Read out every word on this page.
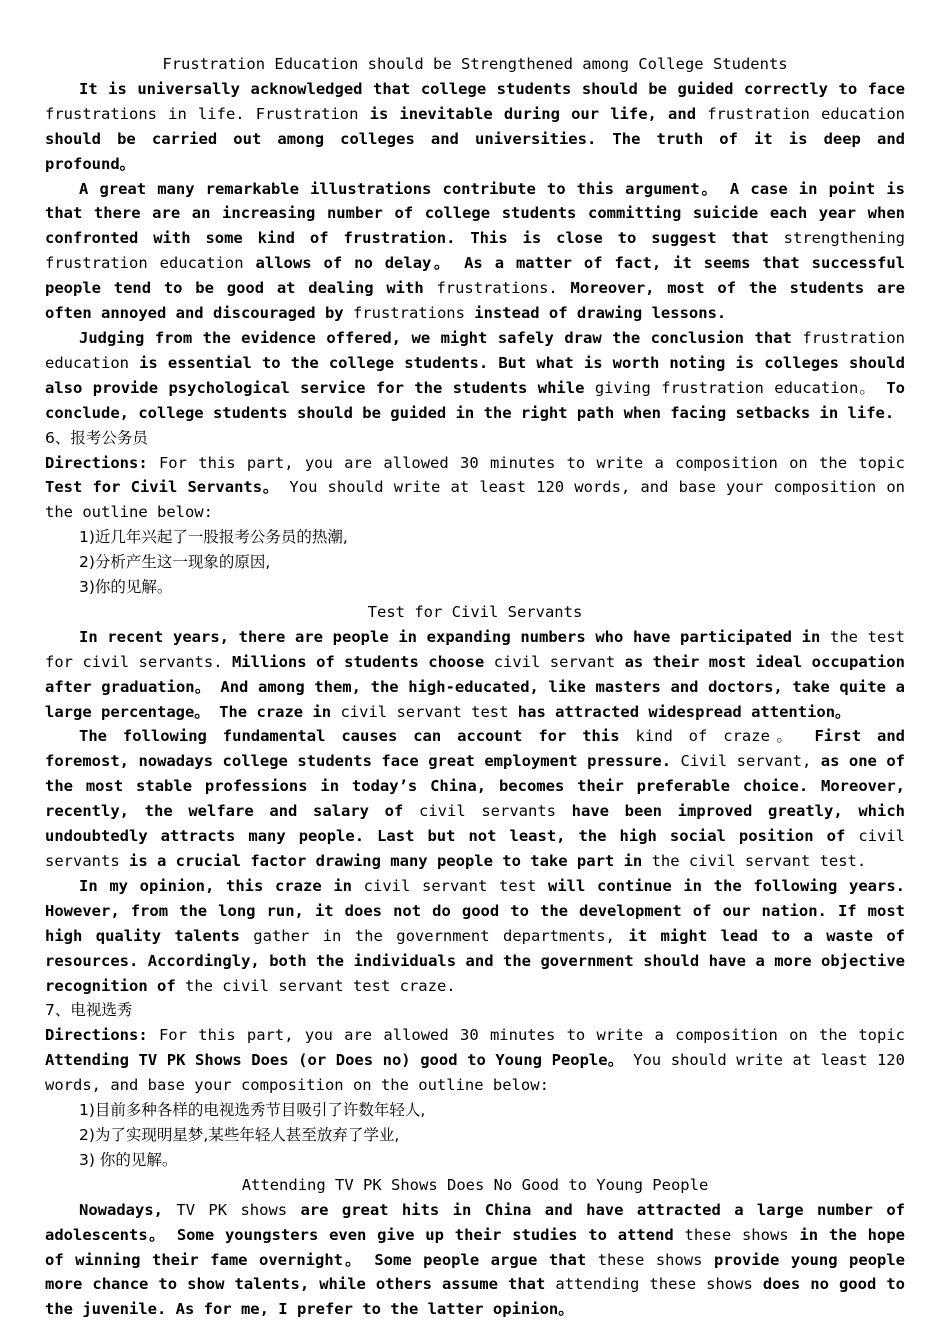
Frustration Education should be Strengthened among College Students

It is universally acknowledged that college students should be guided correctly to face frustrations in life. Frustration is inevitable during our life, and frustration education should be carried out among colleges and universities. The truth of it is deep and profound。

A great many remarkable illustrations contribute to this argument。 A case in point is that there are an increasing number of college students committing suicide each year when confronted with some kind of frustration. This is close to suggest that strengthening frustration education allows of no delay。 As a matter of fact, it seems that successful people tend to be good at dealing with frustrations. Moreover, most of the students are often annoyed and discouraged by frustrations instead of drawing lessons.

Judging from the evidence offered, we might safely draw the conclusion that frustration education is essential to the college students. But what is worth noting is colleges should also provide psychological service for the students while giving frustration education。 To conclude, college students should be guided in the right path when facing setbacks in life.

6、报考公务员

Directions: For this part, you are allowed 30 minutes to write a composition on the topic Test for Civil Servants。 You should write at least 120 words, and base your composition on the outline below:

1)近几年兴起了一股报考公务员的热潮,
2)分析产生这一现象的原因,
3)你的见解。
Test for Civil Servants

In recent years, there are people in expanding numbers who have participated in the test for civil servants. Millions of students choose civil servant as their most ideal occupation after graduation。 And among them, the high-educated, like masters and doctors, take quite a large percentage。 The craze in civil servant test has attracted widespread attention。

The following fundamental causes can account for this kind of craze。 First and foremost, nowadays college students face great employment pressure. Civil servant, as one of the most stable professions in today’s China, becomes their preferable choice. Moreover, recently, the welfare and salary of civil servants have been improved greatly, which undoubtedly attracts many people. Last but not least, the high social position of civil servants is a crucial factor drawing many people to take part in the civil servant test.

In my opinion, this craze in civil servant test will continue in the following years. However, from the long run, it does not do good to the development of our nation. If most high quality talents gather in the government departments, it might lead to a waste of resources. Accordingly, both the individuals and the government should have a more objective recognition of the civil servant test craze.

7、电视选秀

Directions: For this part, you are allowed 30 minutes to write a composition on the topic Attending TV PK Shows Does (or Does no) good to Young People。 You should write at least 120 words, and base your composition on the outline below:

1)目前多种各样的电视选秀节目吸引了许数年轻人,
2)为了实现明星梦,某些年轻人甚至放弃了学业,
3) 你的见解。
Attending TV PK Shows Does No Good to Young People

Nowadays, TV PK shows are great hits in China and have attracted a large number of adolescents。 Some youngsters even give up their studies to attend these shows in the hope of winning their fame overnight。 Some people argue that these shows provide young people more chance to show talents, while others assume that attending these shows does no good to the juvenile. As for me, I prefer to the latter opinion。
